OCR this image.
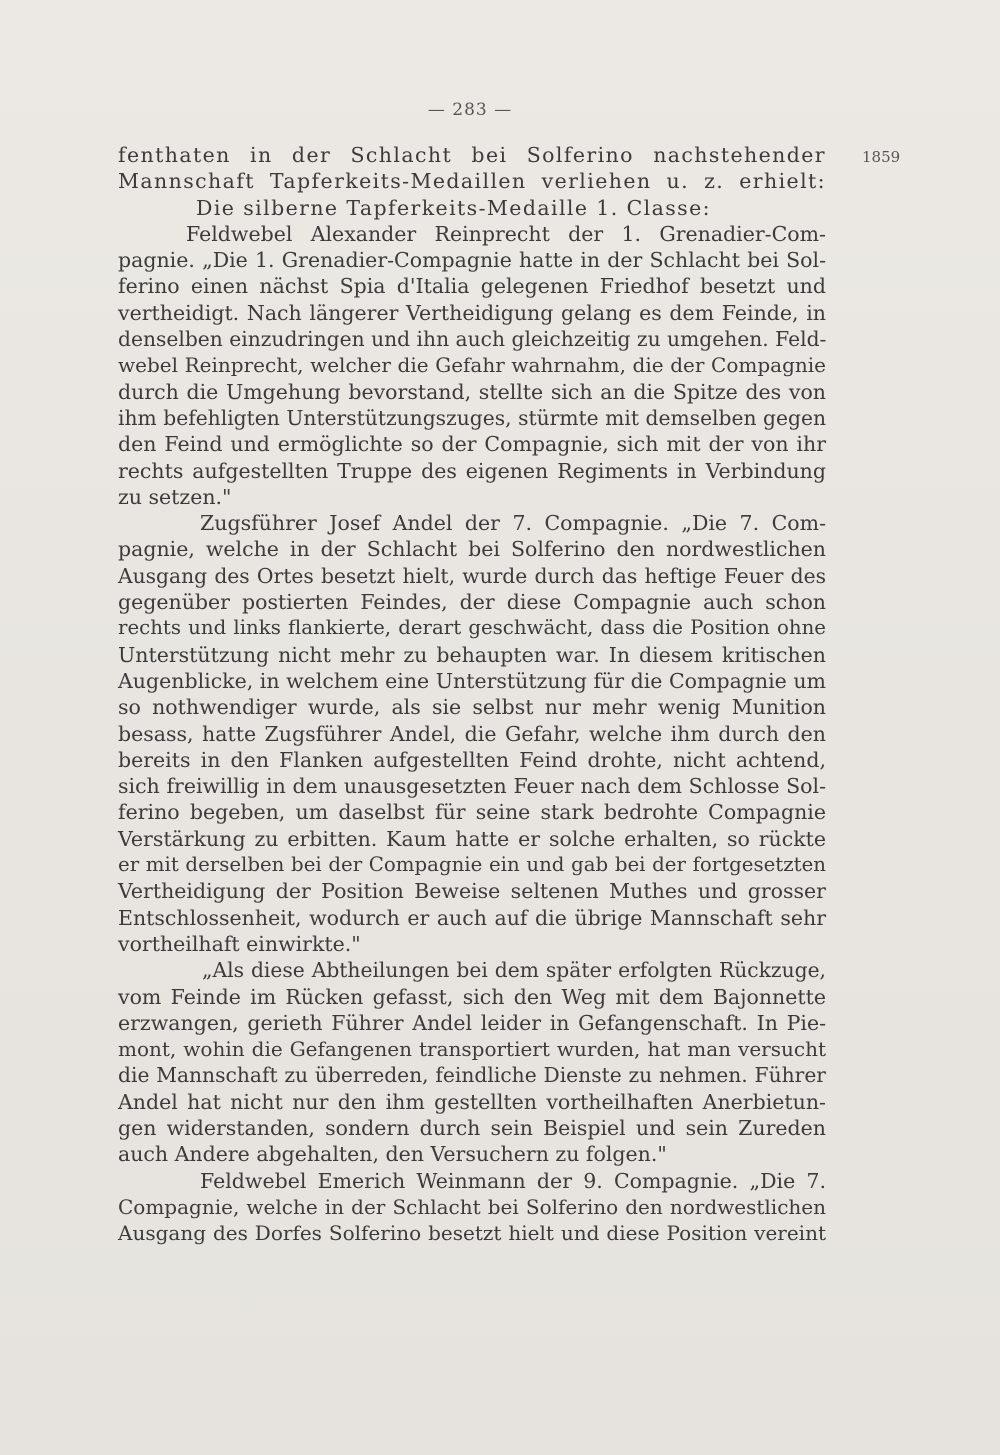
— 283 —
1859
fenthaten in der Schlacht bei Solferino nachstehender
Mannschaft Tapferkeits-Medaillen verliehen u. z. erhielt:
Die silberne Tapferkeits-Medaille 1. Classe:
Feldwebel Alexander Reinprecht der 1. Grenadier-Com-
pagnie. „Die 1. Grenadier-Compagnie hatte in der Schlacht bei Sol-
ferino einen nächst Spia d'Italia gelegenen Friedhof besetzt und
vertheidigt. Nach längerer Vertheidigung gelang es dem Feinde, in
denselben einzudringen und ihn auch gleichzeitig zu umgehen. Feld-
webel Reinprecht, welcher die Gefahr wahrnahm, die der Compagnie
durch die Umgehung bevorstand, stellte sich an die Spitze des von
ihm befehligten Unterstützungszuges, stürmte mit demselben gegen
den Feind und ermöglichte so der Compagnie, sich mit der von ihr
rechts aufgestellten Truppe des eigenen Regiments in Verbindung
zu setzen."
Zugsführer Josef Andel der 7. Compagnie. „Die 7. Com-
pagnie, welche in der Schlacht bei Solferino den nordwestlichen
Ausgang des Ortes besetzt hielt, wurde durch das heftige Feuer des
gegenüber postierten Feindes, der diese Compagnie auch schon
rechts und links flankierte, derart geschwächt, dass die Position ohne
Unterstützung nicht mehr zu behaupten war. In diesem kritischen
Augenblicke, in welchem eine Unterstützung für die Compagnie um
so nothwendiger wurde, als sie selbst nur mehr wenig Munition
besass, hatte Zugsführer Andel, die Gefahr, welche ihm durch den
bereits in den Flanken aufgestellten Feind drohte, nicht achtend,
sich freiwillig in dem unausgesetzten Feuer nach dem Schlosse Sol-
ferino begeben, um daselbst für seine stark bedrohte Compagnie
Verstärkung zu erbitten. Kaum hatte er solche erhalten, so rückte
er mit derselben bei der Compagnie ein und gab bei der fortgesetzten
Vertheidigung der Position Beweise seltenen Muthes und grosser
Entschlossenheit, wodurch er auch auf die übrige Mannschaft sehr
vortheilhaft einwirkte."
„Als diese Abtheilungen bei dem später erfolgten Rückzuge,
vom Feinde im Rücken gefasst, sich den Weg mit dem Bajonnette
erzwangen, gerieth Führer Andel leider in Gefangenschaft. In Pie-
mont, wohin die Gefangenen transportiert wurden, hat man versucht
die Mannschaft zu überreden, feindliche Dienste zu nehmen. Führer
Andel hat nicht nur den ihm gestellten vortheilhaften Anerbietun-
gen widerstanden, sondern durch sein Beispiel und sein Zureden
auch Andere abgehalten, den Versuchern zu folgen."
Feldwebel Emerich Weinmann der 9. Compagnie. „Die 7.
Compagnie, welche in der Schlacht bei Solferino den nordwestlichen
Ausgang des Dorfes Solferino besetzt hielt und diese Position vereint
